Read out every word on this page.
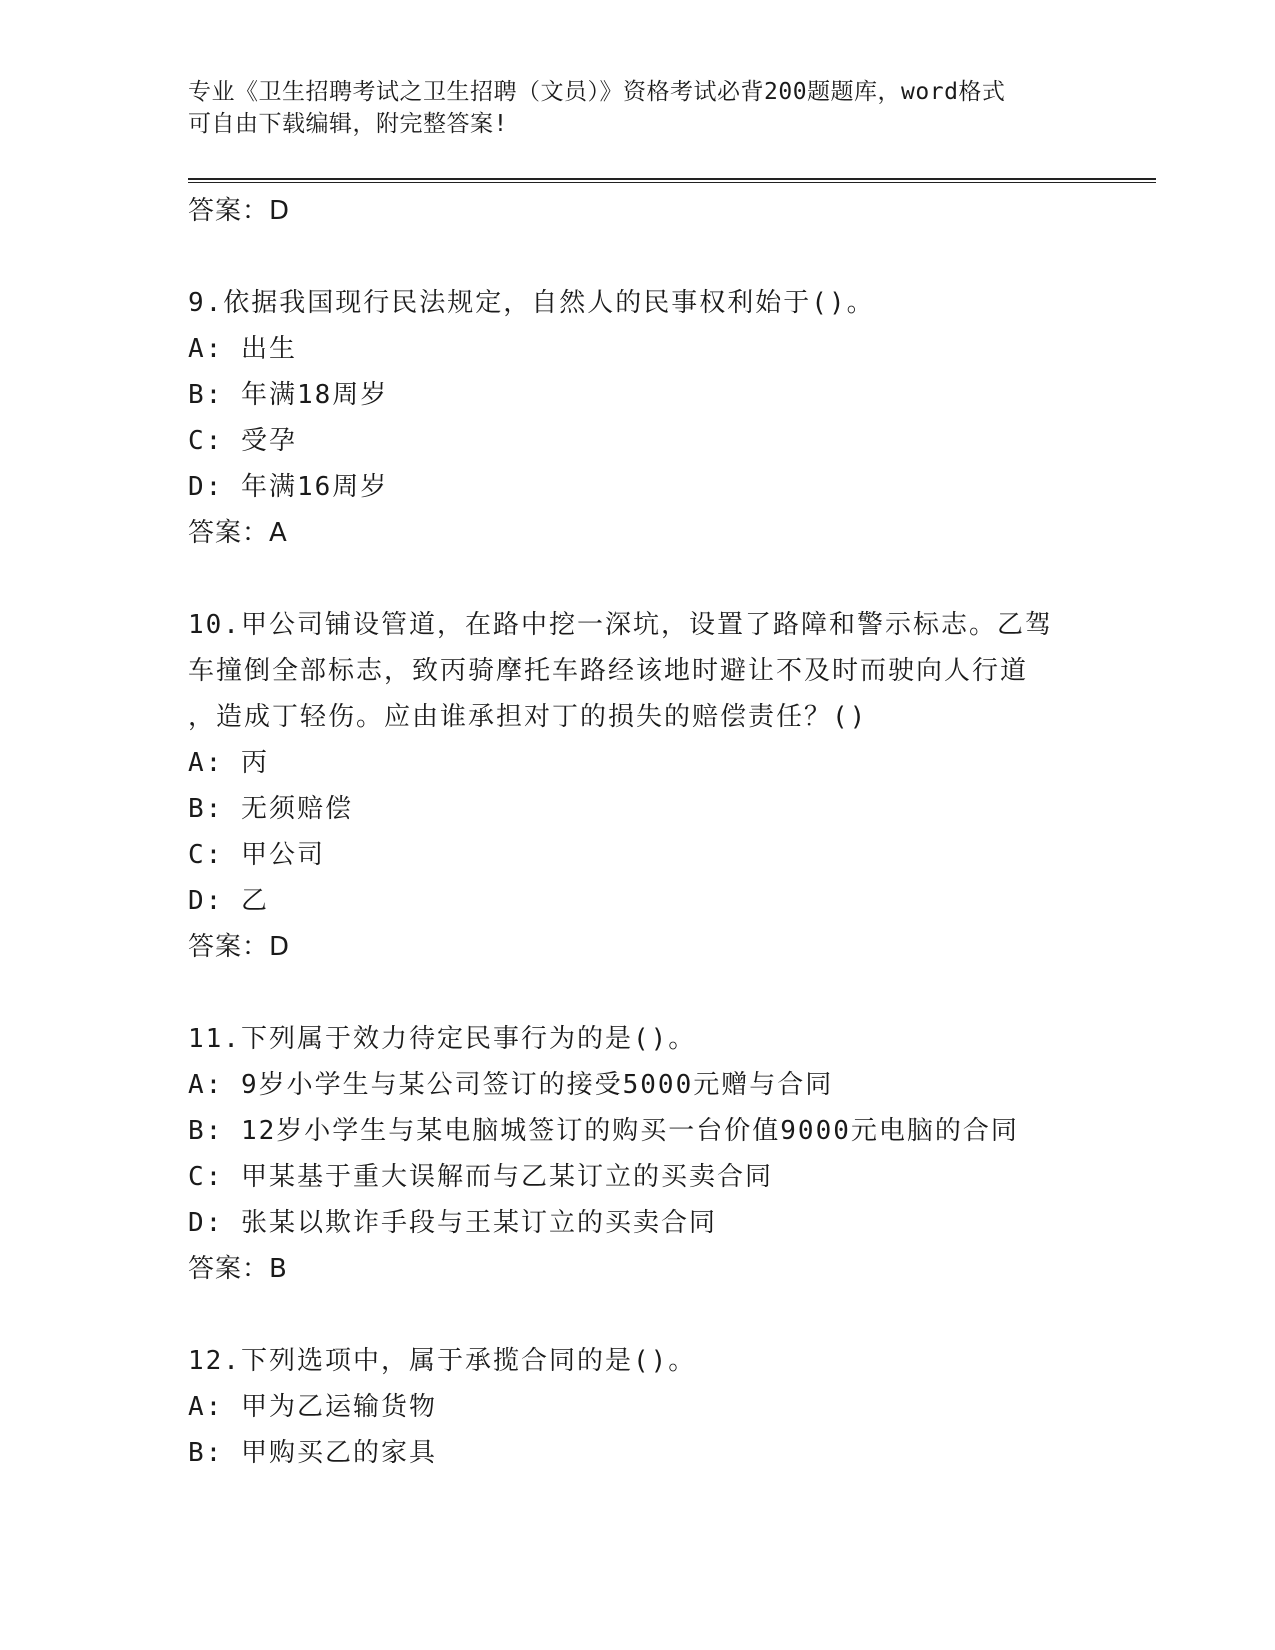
专业《卫生招聘考试之卫生招聘（文员）》资格考试必背200题题库，word格式
可自由下载编辑，附完整答案!
答案：D
9.依据我国现行民法规定，自然人的民事权利始于()。
A: 出生
B: 年满18周岁
C: 受孕
D: 年满16周岁
答案：A
10.甲公司铺设管道，在路中挖一深坑，设置了路障和警示标志。乙驾
车撞倒全部标志，致丙骑摩托车路经该地时避让不及时而驶向人行道
，造成丁轻伤。应由谁承担对丁的损失的赔偿责任？()
A: 丙
B: 无须赔偿
C: 甲公司
D: 乙
答案：D
11.下列属于效力待定民事行为的是()。
A: 9岁小学生与某公司签订的接受5000元赠与合同
B: 12岁小学生与某电脑城签订的购买一台价值9000元电脑的合同
C: 甲某基于重大误解而与乙某订立的买卖合同
D: 张某以欺诈手段与王某订立的买卖合同
答案：B
12.下列选项中，属于承揽合同的是()。
A: 甲为乙运输货物
B: 甲购买乙的家具
